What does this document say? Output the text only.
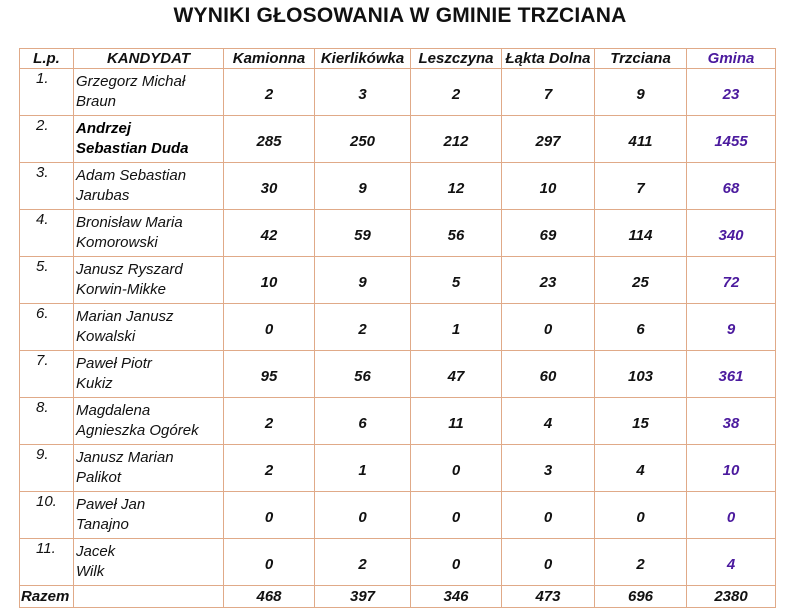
WYNIKI GŁOSOWANIA W GMINIE TRZCIANA
L.p.	KANDYDAT	Kamionna	Kierlikówka	Leszczyna	Łąkta Dolna	Trzciana	Gmina
1.	Grzegorz Michał
Braun	2	3	2	7	9	23
2.	Andrzej
Sebastian Duda	285	250	212	297	411	1455
3.	Adam Sebastian
Jarubas	30	9	12	10	7	68
4.	Bronisław Maria
Komorowski	42	59	56	69	114	340
5.	Janusz Ryszard
Korwin-Mikke	10	9	5	23	25	72
6.	Marian Janusz
Kowalski	0	2	1	0	6	9
7.	Paweł Piotr
Kukiz	95	56	47	60	103	361
8.	Magdalena
Agnieszka Ogórek	2	6	11	4	15	38
9.	Janusz Marian
Palikot	2	1	0	3	4	10
10.	Paweł Jan
Tanajno	0	0	0	0	0	0
11.	Jacek
Wilk	0	2	0	0	2	4
Razem		468	397	346	473	696	2380
